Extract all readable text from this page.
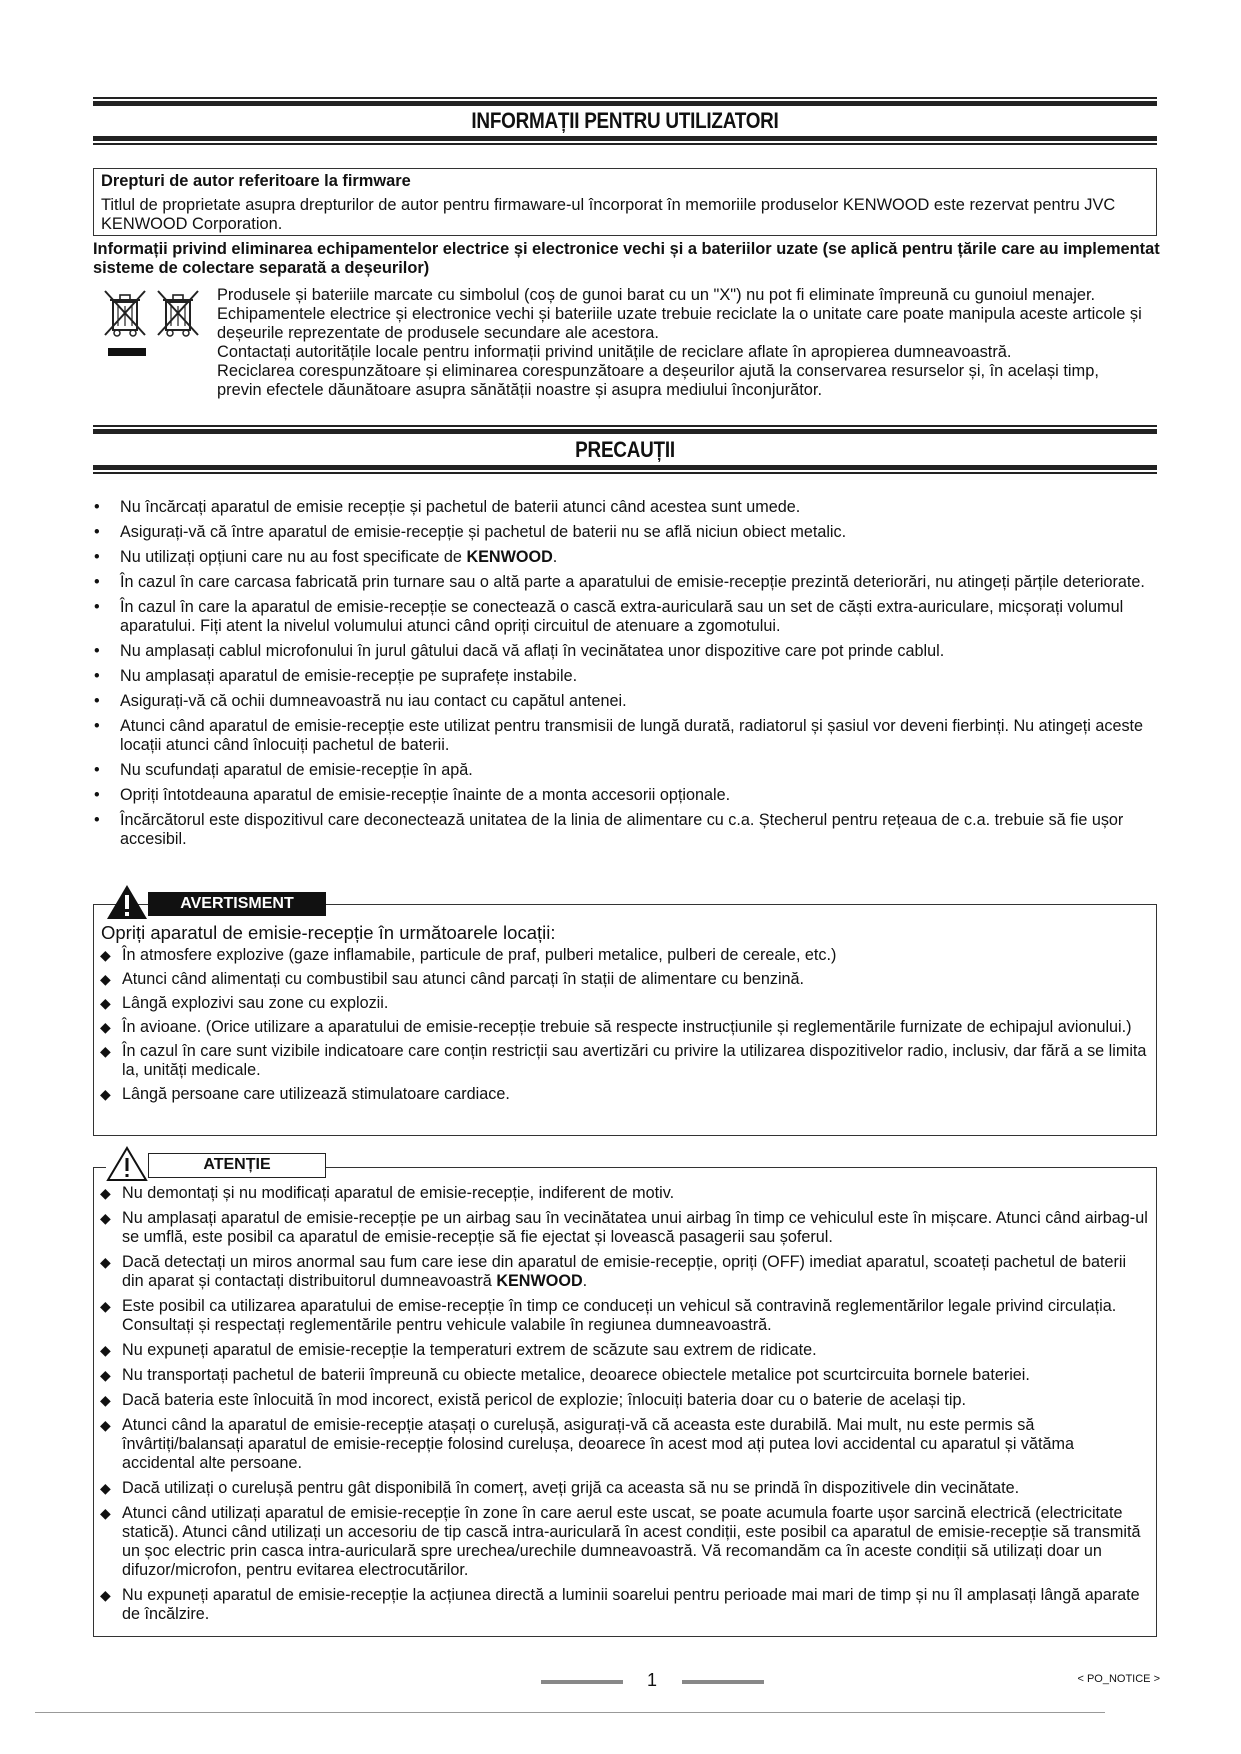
INFORMAȚII PENTRU UTILIZATORI
Drepturi de autor referitoare la firmware
Titlul de proprietate asupra drepturilor de autor pentru firmaware-ul încorporat în memoriile produselor KENWOOD este rezervat pentru JVC KENWOOD Corporation.
Informații privind eliminarea echipamentelor electrice și electronice vechi și a bateriilor uzate (se aplică pentru țările care au implementat sisteme de colectare separată a deșeurilor)
Produsele și bateriile marcate cu simbolul (coș de gunoi barat cu un "X") nu pot fi eliminate împreună cu gunoiul menajer.
Echipamentele electrice și electronice vechi și bateriile uzate trebuie reciclate la o unitate care poate manipula aceste articole și deșeurile reprezentate de produsele secundare ale acestora.
Contactați autoritățile locale pentru informații privind unitățile de reciclare aflate în apropierea dumneavoastră.
Reciclarea corespunzătoare și eliminarea corespunzătoare a deșeurilor ajută la conservarea resurselor și, în același timp, previn efectele dăunătoare asupra sănătății noastre și asupra mediului înconjurător.
PRECAUȚII
• Nu încărcați aparatul de emisie recepție și pachetul de baterii atunci când acestea sunt umede.
• Asigurați-vă că între aparatul de emisie-recepție și pachetul de baterii nu se află niciun obiect metalic.
• Nu utilizați opțiuni care nu au fost specificate de KENWOOD.
• În cazul în care carcasa fabricată prin turnare sau o altă parte a aparatului de emisie-recepție prezintă deteriorări, nu atingeți părțile deteriorate.
• În cazul în care la aparatul de emisie-recepție se conectează o cască extra-auriculară sau un set de căști extra-auriculare, micșorați volumul aparatului. Fiți atent la nivelul volumului atunci când opriți circuitul de atenuare a zgomotului.
• Nu amplasați cablul microfonului în jurul gâtului dacă vă aflați în vecinătatea unor dispozitive care pot prinde cablul.
• Nu amplasați aparatul de emisie-recepție pe suprafețe instabile.
• Asigurați-vă că ochii dumneavoastră nu iau contact cu capătul antenei.
• Atunci când aparatul de emisie-recepție este utilizat pentru transmisii de lungă durată, radiatorul și șasiul vor deveni fierbinți. Nu atingeți aceste locații atunci când înlocuiți pachetul de baterii.
• Nu scufundați aparatul de emisie-recepție în apă.
• Opriți întotdeauna aparatul de emisie-recepție înainte de a monta accesorii opționale.
• Încărcătorul este dispozitivul care deconectează unitatea de la linia de alimentare cu c.a. Ștecherul pentru rețeaua de c.a. trebuie să fie ușor accesibil.
AVERTISMENT
Opriți aparatul de emisie-recepție în următoarele locații:
◆ În atmosfere explozive (gaze inflamabile, particule de praf, pulberi metalice, pulberi de cereale, etc.)
◆ Atunci când alimentați cu combustibil sau atunci când parcați în stații de alimentare cu benzină.
◆ Lângă explozivi sau zone cu explozii.
◆ În avioane. (Orice utilizare a aparatului de emisie-recepție trebuie să respecte instrucțiunile și reglementările furnizate de echipajul avionului.)
◆ În cazul în care sunt vizibile indicatoare care conțin restricții sau avertizări cu privire la utilizarea dispozitivelor radio, inclusiv, dar fără a se limita la, unități medicale.
◆ Lângă persoane care utilizează stimulatoare cardiace.
ATENȚIE
◆ Nu demontați și nu modificați aparatul de emisie-recepție, indiferent de motiv.
◆ Nu amplasați aparatul de emisie-recepție pe un airbag sau în vecinătatea unui airbag în timp ce vehiculul este în mișcare. Atunci când airbag-ul se umflă, este posibil ca aparatul de emisie-recepție să fie ejectat și lovească pasagerii sau șoferul.
◆ Dacă detectați un miros anormal sau fum care iese din aparatul de emisie-recepție, opriți (OFF) imediat aparatul, scoateți pachetul de baterii din aparat și contactați distribuitorul dumneavoastră KENWOOD.
◆ Este posibil ca utilizarea aparatului de emise-recepție în timp ce conduceți un vehicul să contravină reglementărilor legale privind circulația. Consultați și respectați reglementările pentru vehicule valabile în regiunea dumneavoastră.
◆ Nu expuneți aparatul de emisie-recepție la temperaturi extrem de scăzute sau extrem de ridicate.
◆ Nu transportați pachetul de baterii împreună cu obiecte metalice, deoarece obiectele metalice pot scurtcircuita bornele bateriei.
◆ Dacă bateria este înlocuită în mod incorect, există pericol de explozie; înlocuiți bateria doar cu o baterie de același tip.
◆ Atunci când la aparatul de emisie-recepție atașați o curelușă, asigurați-vă că aceasta este durabilă. Mai mult, nu este permis să învârtiți/balansați aparatul de emisie-recepție folosind curelușa, deoarece în acest mod ați putea lovi accidental cu aparatul și vătăma accidental alte persoane.
◆ Dacă utilizați o curelușă pentru gât disponibilă în comerț, aveți grijă ca aceasta să nu se prindă în dispozitivele din vecinătate.
◆ Atunci când utilizați aparatul de emisie-recepție în zone în care aerul este uscat, se poate acumula foarte ușor sarcină electrică (electricitate statică). Atunci când utilizați un accesoriu de tip cască intra-auriculară în acest condiții, este posibil ca aparatul de emisie-recepție să transmită un șoc electric prin casca intra-auriculară spre urechea/urechile dumneavoastră. Vă recomandăm ca în aceste condiții să utilizați doar un difuzor/microfon, pentru evitarea electrocutărilor.
◆ Nu expuneți aparatul de emisie-recepție la acțiunea directă a luminii soarelui pentru perioade mai mari de timp și nu îl amplasați lângă aparate de încălzire.
1	< PO_NOTICE >
